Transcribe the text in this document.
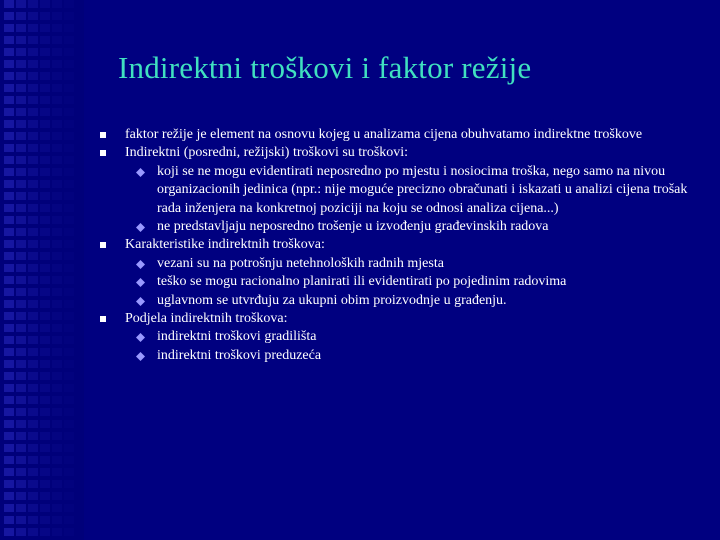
Indirektni troškovi i faktor režije
faktor režije je element na osnovu kojeg u analizama cijena obuhvatamo indirektne troškove
Indirektni (posredni, režijski) troškovi su troškovi:
koji se ne mogu evidentirati neposredno po mjestu i nosiocima troška, nego samo na nivou organizacionih jedinica (npr.: nije moguće precizno obračunati i iskazati u analizi cijena trošak rada inženjera na konkretnoj poziciji na koju se odnosi analiza cijena...)
ne predstavljaju neposredno trošenje u izvođenju građevinskih radova
Karakteristike indirektnih troškova:
vezani su na potrošnju netehnoloških radnih mjesta
teško se mogu racionalno planirati ili evidentirati po pojedinim radovima
uglavnom se utvrđuju za ukupni obim proizvodnje u građenju.
Podjela indirektnih troškova:
indirektni troškovi gradilišta
indirektni troškovi preduzeća
